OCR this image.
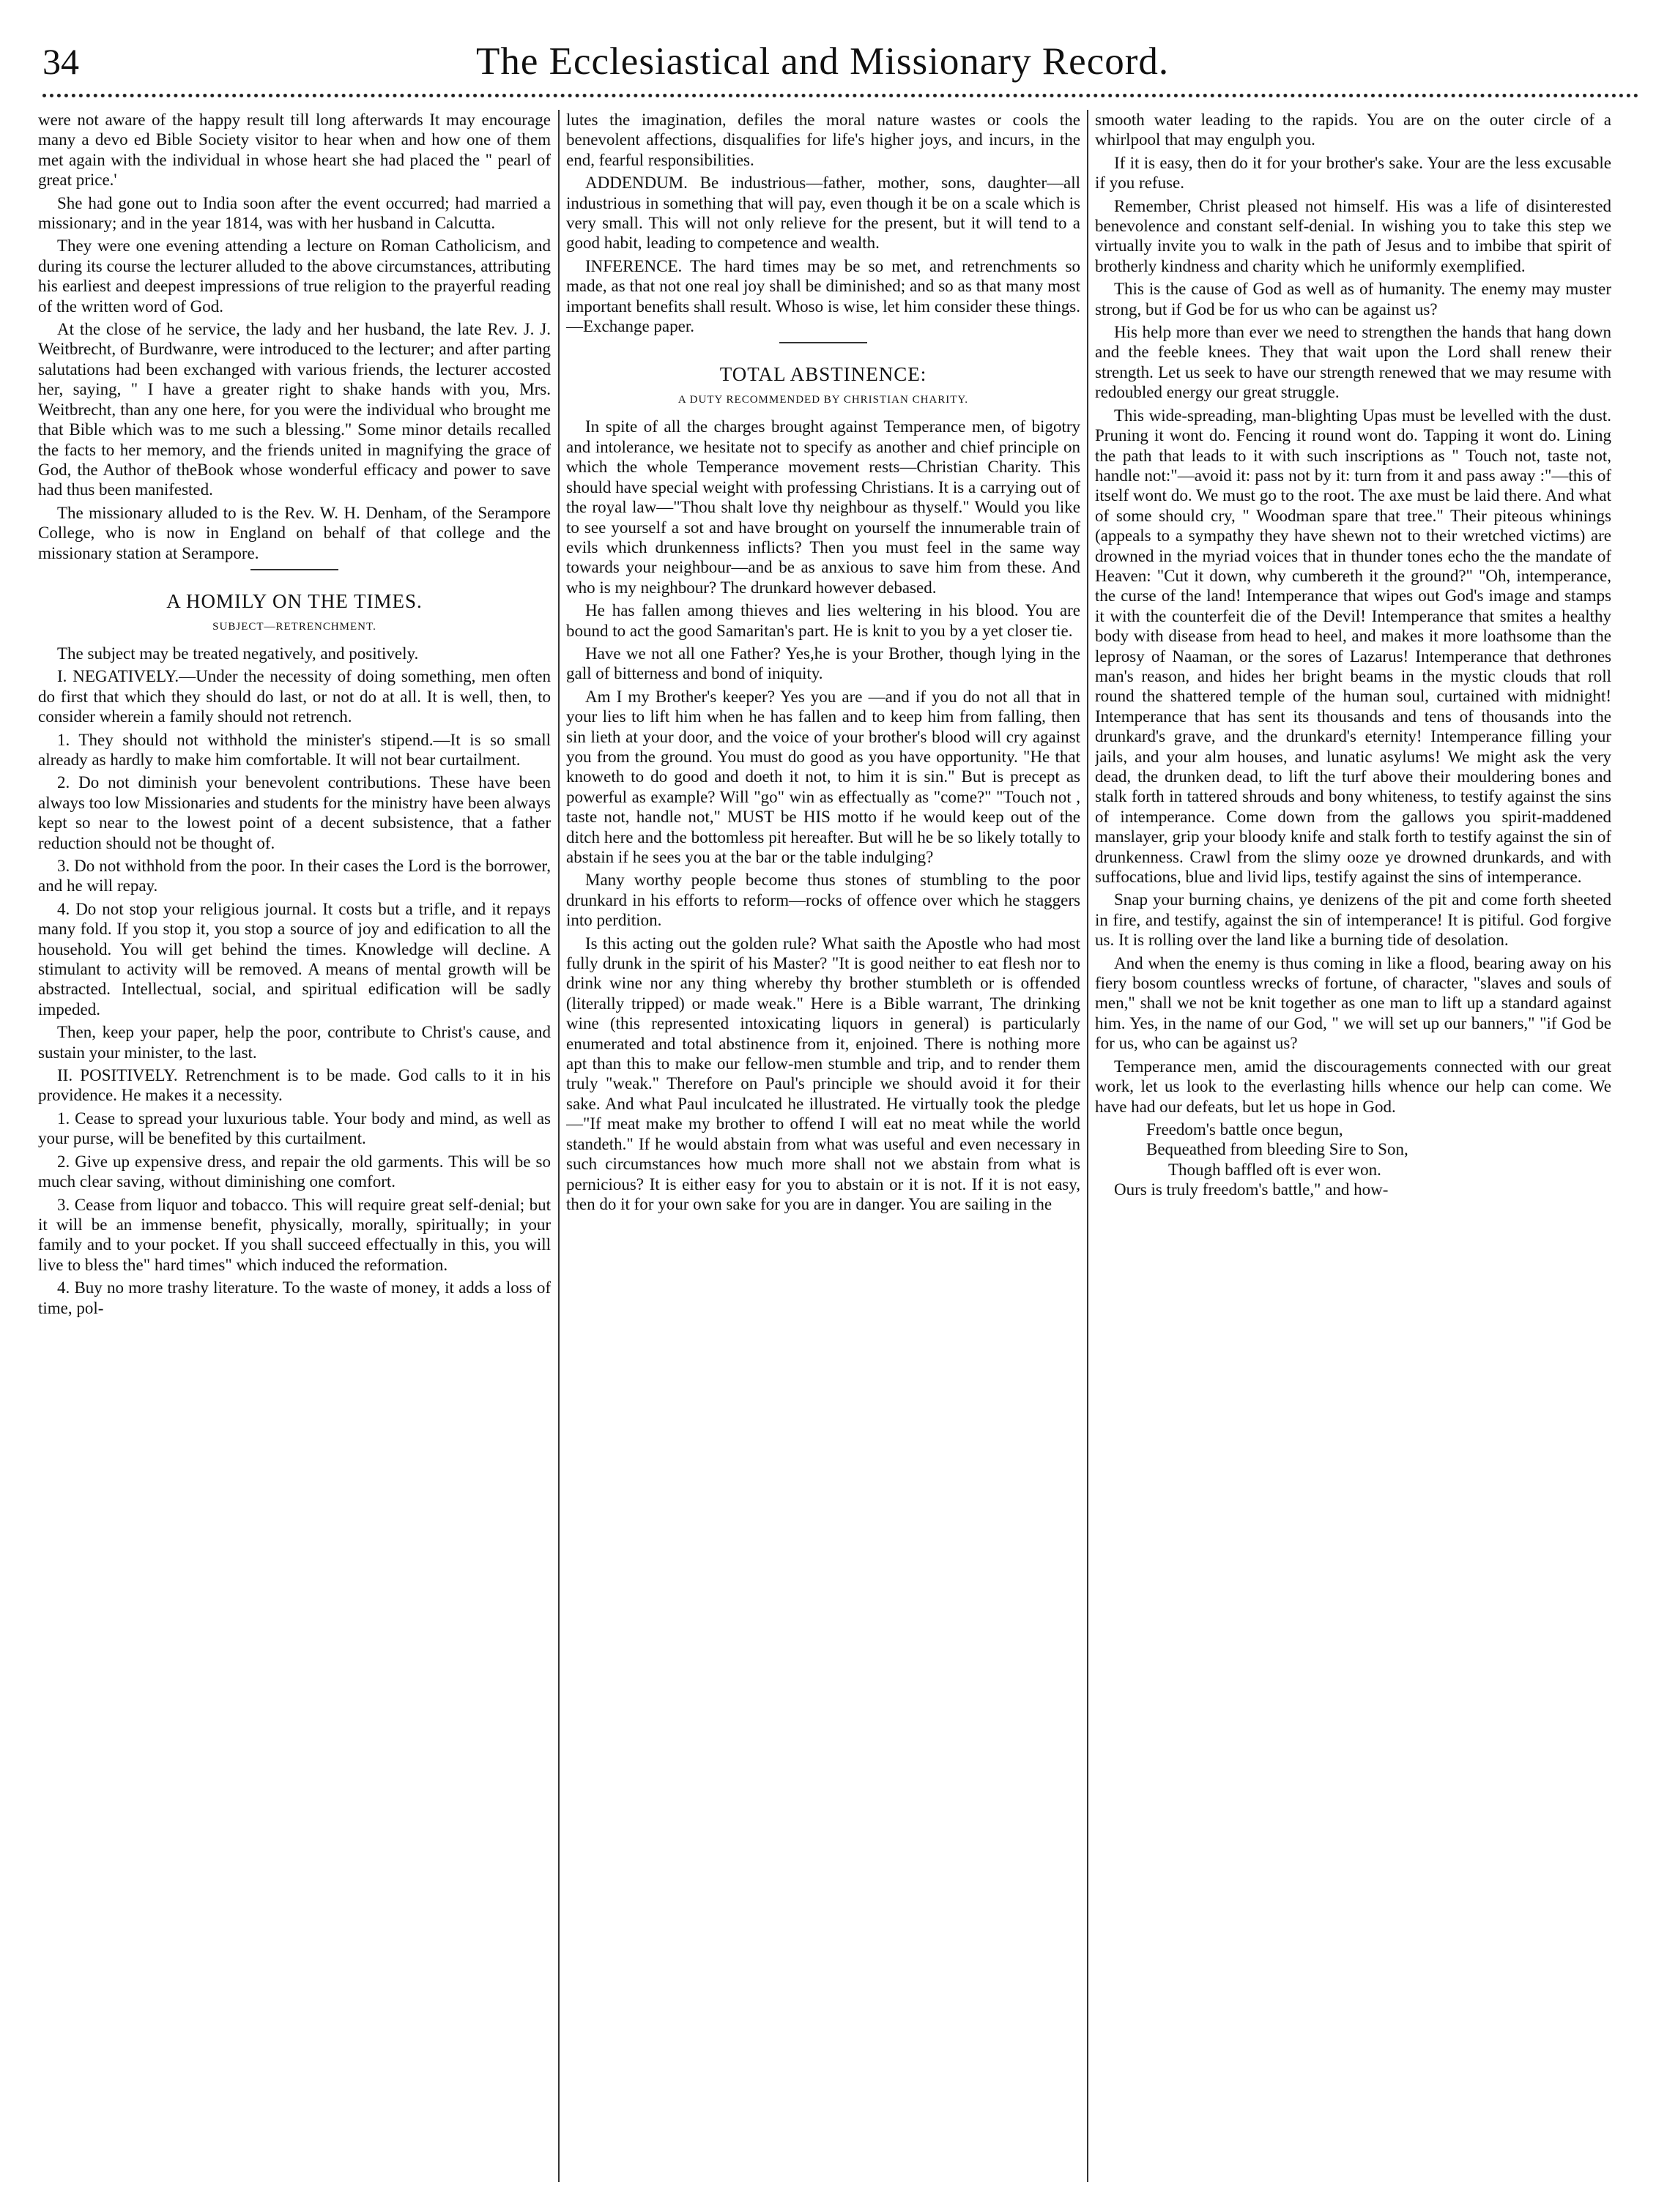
34	The Ecclesiastical and Missionary Record.

were not aware of the happy result till long afterwards It may encourage many a devo ed Bible Society visitor to hear when and how one of them met again with the individual in whose heart she had placed the " pearl of great price.'

She had gone out to India soon after the event occurred; had married a missionary; and in the year 1814, was with her husband in Calcutta.

They were one evening attending a lecture on Roman Catholicism, and during its course the lecturer alluded to the above circumstances, attributing his earliest and deepest impressions of true religion to the prayerful reading of the written word of God.

At the close of he service, the lady and her husband, the late Rev. J. J. Weitbrecht, of Burdwanre, were introduced to the lecturer; and after parting salutations had been exchanged with various friends, the lecturer accosted her, saying, " I have a greater right to shake hands with you, Mrs. Weitbrecht, than any one here, for you were the individual who brought me that Bible which was to me such a blessing." Some minor details recalled the facts to her memory, and the friends united in magnifying the grace of God, the Author of theBook whose wonderful efficacy and power to save had thus been manifested.

The missionary alluded to is the Rev. W. H. Denham, of the Serampore College, who is now in England on behalf of that college and the missionary station at Serampore.

A HOMILY ON THE TIMES.
SUBJECT—RETRENCHMENT.

The subject may be treated negatively, and positively.

I. NEGATIVELY.—Under the necessity of doing something, men often do first that which they should do last, or not do at all. It is well, then, to consider wherein a family should not retrench.

1. They should not withhold the minister's stipend.—It is so small already as hardly to make him comfortable. It will not bear curtailment.

2. Do not diminish your benevolent contributions. These have been always too low Missionaries and students for the ministry have been always kept so near to the lowest point of a decent subsistence, that a father reduction should not be thought of.

3. Do not withhold from the poor. In their cases the Lord is the borrower, and he will repay.

4. Do not stop your religious journal. It costs but a trifle, and it repays many fold. If you stop it, you stop a source of joy and edification to all the household. You will get behind the times. Knowledge will decline. A stimulant to activity will be removed. A means of mental growth will be abstracted. Intellectual, social, and spiritual edification will be sadly impeded.

Then, keep your paper, help the poor, contribute to Christ's cause, and sustain your minister, to the last.

II. POSITIVELY. Retrenchment is to be made. God calls to it in his providence. He makes it a necessity.

1. Cease to spread your luxurious table. Your body and mind, as well as your purse, will be benefited by this curtailment.

2. Give up expensive dress, and repair the old garments. This will be so much clear saving, without diminishing one comfort.

3. Cease from liquor and tobacco. This will require great self-denial; but it will be an immense benefit, physically, morally, spiritually; in your family and to your pocket. If you shall succeed effectually in this, you will live to bless the" hard times" which induced the reformation.

4. Buy no more trashy literature. To the waste of money, it adds a loss of time, pol-

lutes the imagination, defiles the moral nature wastes or cools the benevolent affections, disqualifies for life's higher joys, and incurs, in the end, fearful responsibilities.

ADDENDUM. Be industrious—father, mother, sons, daughter—all industrious in something that will pay, even though it be on a scale which is very small. This will not only relieve for the present, but it will tend to a good habit, leading to competence and wealth.

INFERENCE. The hard times may be so met, and retrenchments so made, as that not one real joy shall be diminished; and so as that many most important benefits shall result. Whoso is wise, let him consider these things. —Exchange paper.

TOTAL ABSTINENCE:
A DUTY RECOMMENDED BY CHRISTIAN CHARITY.

In spite of all the charges brought against Temperance men, of bigotry and intolerance, we hesitate not to specify as another and chief principle on which the whole Temperance movement rests—Christian Charity. This should have special weight with professing Christians. It is a carrying out of the royal law—"Thou shalt love thy neighbour as thyself." Would you like to see yourself a sot and have brought on yourself the innumerable train of evils which drunkenness inflicts? Then you must feel in the same way towards your neighbour—and be as anxious to save him from these. And who is my neighbour? The drunkard however debased.

He has fallen among thieves and lies weltering in his blood. You are bound to act the good Samaritan's part. He is knit to you by a yet closer tie.

Have we not all one Father? Yes,he is your Brother, though lying in the gall of bitterness and bond of iniquity.

Am I my Brother's keeper? Yes you are —and if you do not all that in your lies to lift him when he has fallen and to keep him from falling, then sin lieth at your door, and the voice of your brother's blood will cry against you from the ground. You must do good as you have opportunity. "He that knoweth to do good and doeth it not, to him it is sin." But is precept as powerful as example? Will "go" win as effectually as "come?" "Touch not , taste not, handle not," MUST be HIS motto if he would keep out of the ditch here and the bottomless pit hereafter. But will he be so likely totally to abstain if he sees you at the bar or the table indulging?

Many worthy people become thus stones of stumbling to the poor drunkard in his efforts to reform—rocks of offence over which he staggers into perdition.

Is this acting out the golden rule? What saith the Apostle who had most fully drunk in the spirit of his Master? "It is good neither to eat flesh nor to drink wine nor any thing whereby thy brother stumbleth or is offended (literally tripped) or made weak." Here is a Bible warrant, The drinking wine (this represented intoxicating liquors in general) is particularly enumerated and total abstinence from it, enjoined. There is nothing more apt than this to make our fellow-men stumble and trip, and to render them truly "weak." Therefore on Paul's principle we should avoid it for their sake. And what Paul inculcated he illustrated. He virtually took the pledge—"If meat make my brother to offend I will eat no meat while the world standeth." If he would abstain from what was useful and even necessary in such circumstances how much more shall not we abstain from what is pernicious? It is either easy for you to abstain or it is not. If it is not easy, then do it for your own sake for you are in danger. You are sailing in the

smooth water leading to the rapids. You are on the outer circle of a whirlpool that may engulph you.

If it is easy, then do it for your brother's sake. Your are the less excusable if you refuse.

Remember, Christ pleased not himself. His was a life of disinterested benevolence and constant self-denial. In wishing you to take this step we virtually invite you to walk in the path of Jesus and to imbibe that spirit of brotherly kindness and charity which he uniformly exemplified.

This is the cause of God as well as of humanity. The enemy may muster strong, but if God be for us who can be against us?

His help more than ever we need to strengthen the hands that hang down and the feeble knees. They that wait upon the Lord shall renew their strength. Let us seek to have our strength renewed that we may resume with redoubled energy our great struggle.

This wide-spreading, man-blighting Upas must be levelled with the dust. Pruning it wont do. Fencing it round wont do. Tapping it wont do. Lining the path that leads to it with such inscriptions as " Touch not, taste not, handle not:"—avoid it: pass not by it: turn from it and pass away :"—this of itself wont do. We must go to the root. The axe must be laid there. And what of some should cry, " Woodman spare that tree." Their piteous whinings (appeals to a sympathy they have shewn not to their wretched victims) are drowned in the myriad voices that in thunder tones echo the the mandate of Heaven: "Cut it down, why cumbereth it the ground?" "Oh, intemperance, the curse of the land! Intemperance that wipes out God's image and stamps it with the counterfeit die of the Devil! Intemperance that smites a healthy body with disease from head to heel, and makes it more loathsome than the leprosy of Naaman, or the sores of Lazarus! Intemperance that dethrones man's reason, and hides her bright beams in the mystic clouds that roll round the shattered temple of the human soul, curtained with midnight! Intemperance that has sent its thousands and tens of thousands into the drunkard's grave, and the drunkard's eternity! Intemperance filling your jails, and your alm houses, and lunatic asylums! We might ask the very dead, the drunken dead, to lift the turf above their mouldering bones and stalk forth in tattered shrouds and bony whiteness, to testify against the sins of intemperance. Come down from the gallows you spirit-maddened manslayer, grip your bloody knife and stalk forth to testify against the sin of drunkenness. Crawl from the slimy ooze ye drowned drunkards, and with suffocations, blue and livid lips, testify against the sins of intemperance.

Snap your burning chains, ye denizens of the pit and come forth sheeted in fire, and testify, against the sin of intemperance! It is pitiful. God forgive us. It is rolling over the land like a burning tide of desolation.

And when the enemy is thus coming in like a flood, bearing away on his fiery bosom countless wrecks of fortune, of character, "slaves and souls of men," shall we not be knit together as one man to lift up a standard against him. Yes, in the name of our God, " we will set up our banners," "if God be for us, who can be against us?

Temperance men, amid the discouragements connected with our great work, let us look to the everlasting hills whence our help can come. We have had our defeats, but let us hope in God.

Freedom's battle once begun,

Bequeathed from bleeding Sire to Son,

Though baffled oft is ever won.

Ours is truly freedom's battle," and how-
